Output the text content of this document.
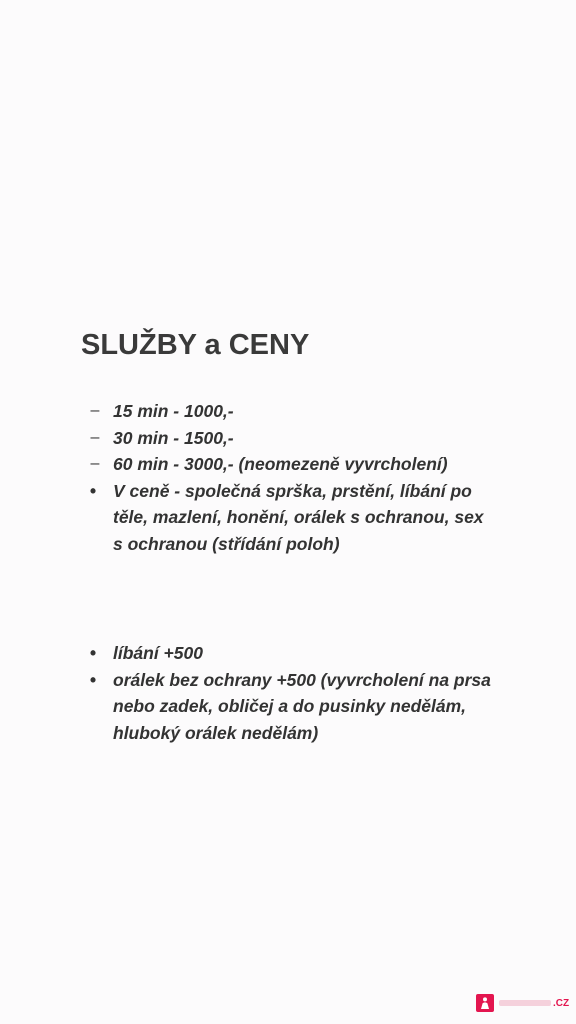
SLUŽBY a CENY
– 15 min - 1000,-
– 30 min - 1500,-
– 60 min - 3000,- (neomezeně vyvrcholení)
• V ceně - společná sprška, prstění, líbání po těle, mazlení, honění, orálek s ochranou, sex s ochranou (střídání poloh)
• líbání +500
• orálek bez ochrany +500 (vyvrcholení na prsa nebo zadek, obličej a do pusinky nedělám, hluboký orálek nedělám)
.CZ
